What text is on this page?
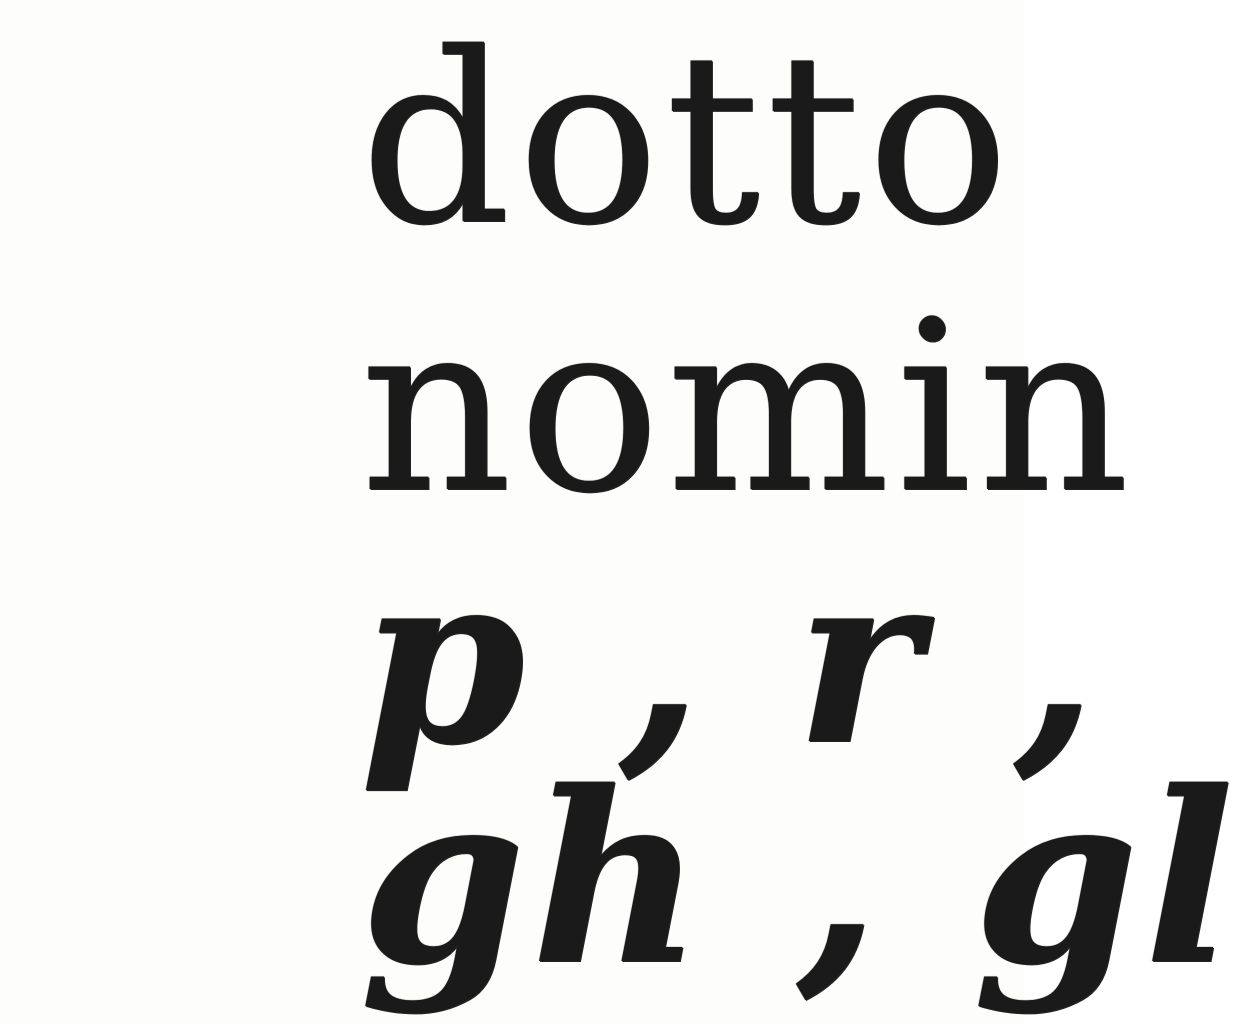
dotto
nomin
p , r ,
gh , gl
